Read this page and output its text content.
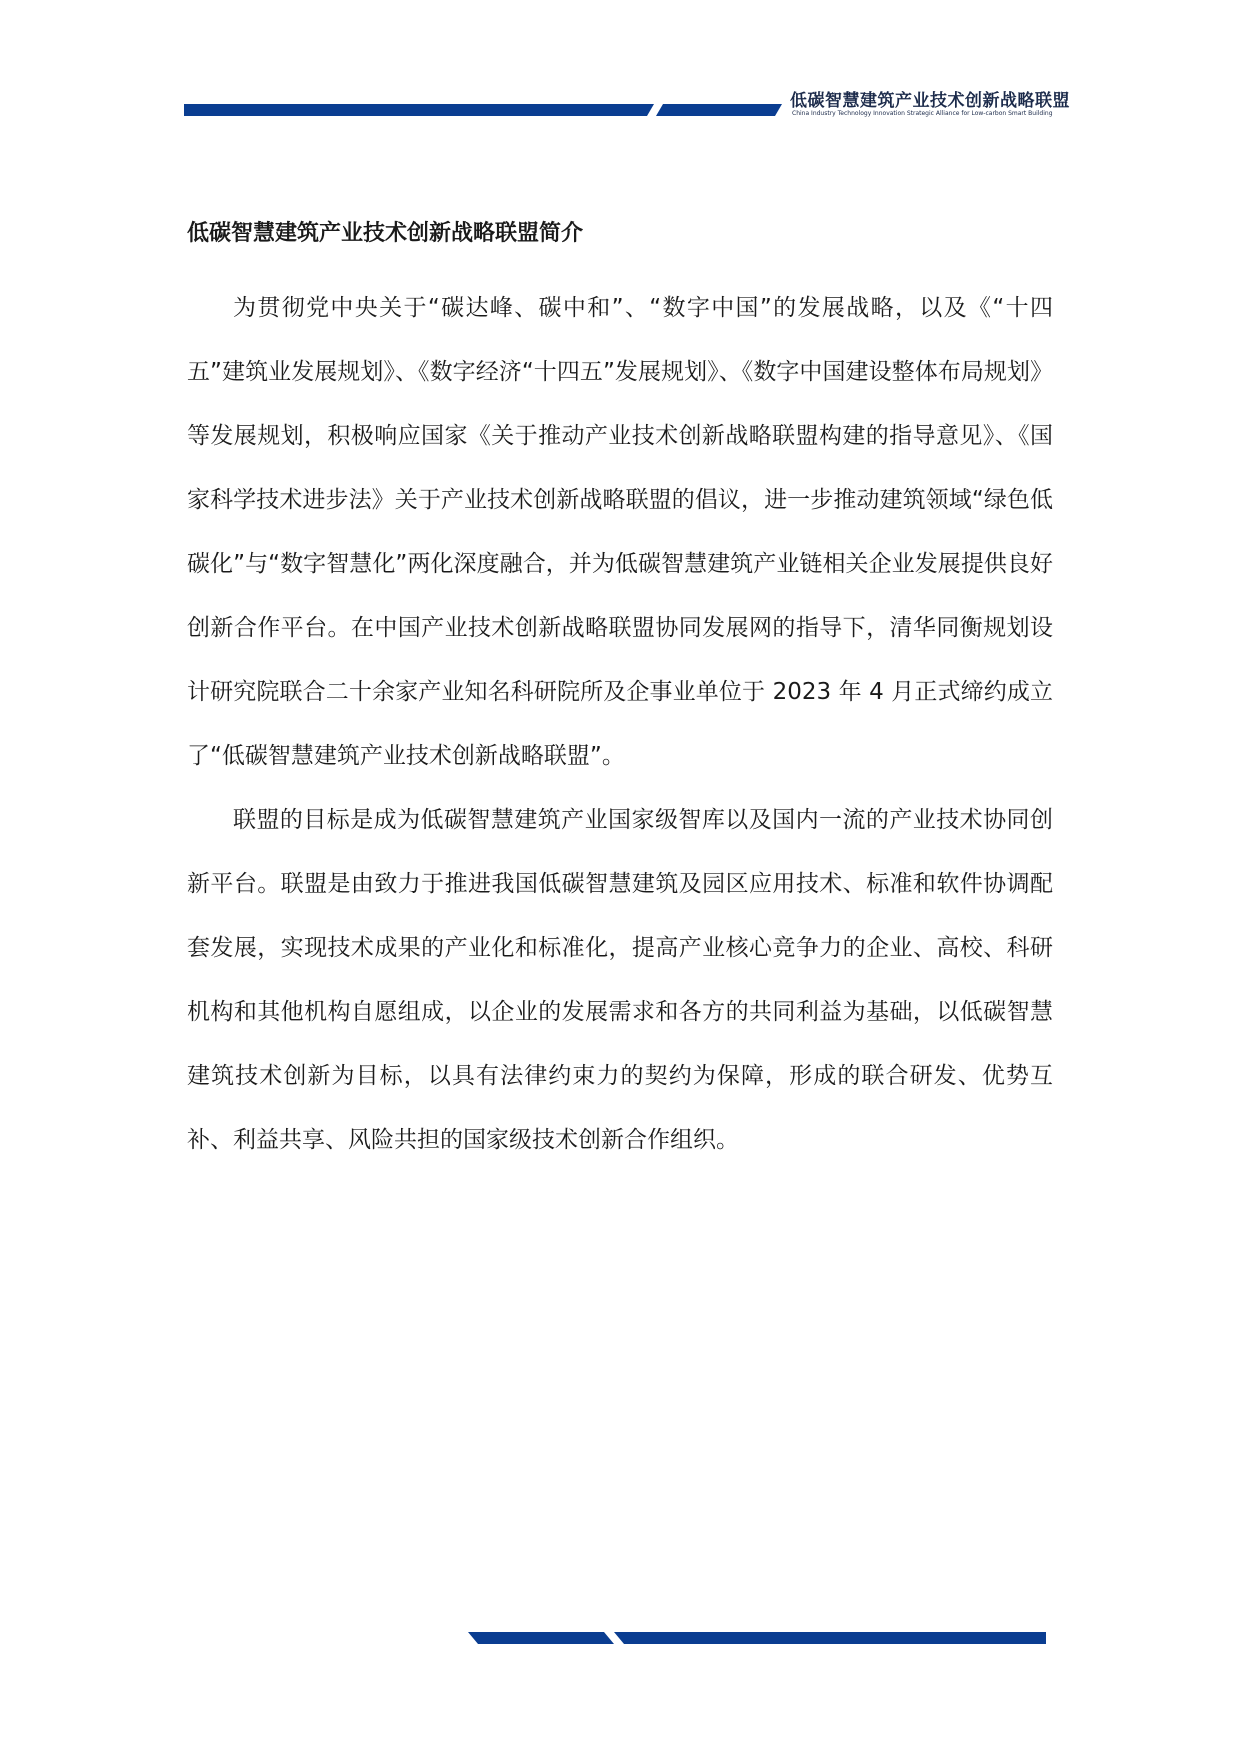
低碳智慧建筑产业技术创新战略联盟
China Industry Technology Innovation Strategic Alliance for Low-carbon Smart Building
低碳智慧建筑产业技术创新战略联盟简介

为贯彻党中央关于“碳达峰、碳中和”、“数字中国”的发展战略，以及《“十四五”建筑业发展规划》、《数字经济“十四五”发展规划》、《数字中国建设整体布局规划》等发展规划，积极响应国家《关于推动产业技术创新战略联盟构建的指导意见》、《国家科学技术进步法》关于产业技术创新战略联盟的倡议，进一步推动建筑领域“绿色低碳化”与“数字智慧化”两化深度融合，并为低碳智慧建筑产业链相关企业发展提供良好创新合作平台。在中国产业技术创新战略联盟协同发展网的指导下，清华同衡规划设计研究院联合二十余家产业知名科研院所及企事业单位于 2023 年 4 月正式缔约成立了“低碳智慧建筑产业技术创新战略联盟”。

联盟的目标是成为低碳智慧建筑产业国家级智库以及国内一流的产业技术协同创新平台。联盟是由致力于推进我国低碳智慧建筑及园区应用技术、标准和软件协调配套发展，实现技术成果的产业化和标准化，提高产业核心竞争力的企业、高校、科研机构和其他机构自愿组成，以企业的发展需求和各方的共同利益为基础，以低碳智慧建筑技术创新为目标，以具有法律约束力的契约为保障，形成的联合研发、优势互补、利益共享、风险共担的国家级技术创新合作组织。
